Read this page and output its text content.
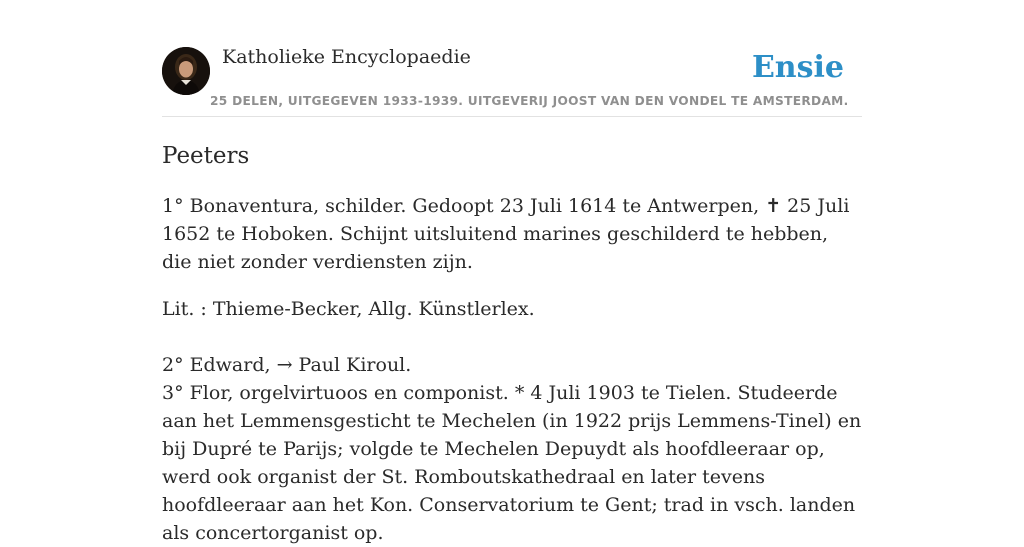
Katholieke Encyclopaedie	Ensie
25 DELEN, UITGEGEVEN 1933-1939. UITGEVERIJ JOOST VAN DEN VONDEL TE AMSTERDAM.
Peeters

1° Bonaventura, schilder. Gedoopt 23 Juli 1614 te Antwerpen, ✝ 25 Juli 1652 te Hoboken. Schijnt uitsluitend marines geschilderd te hebben, die niet zonder verdiensten zijn.

Lit. : Thieme-Becker, Allg. Künstlerlex.

2° Edward, → Paul Kiroul.

3° Flor, orgelvirtuoos en componist. * 4 Juli 1903 te Tielen. Studeerde aan het Lemmensgesticht te Mechelen (in 1922 prijs Lemmens-Tinel) en bij Dupré te Parijs; volgde te Mechelen Depuydt als hoofdleeraar op, werd ook organist der St. Romboutskathedraal en later tevens hoofdleeraar aan het Kon. Conservatorium te Gent; trad in vsch. landen als concertorganist op.
